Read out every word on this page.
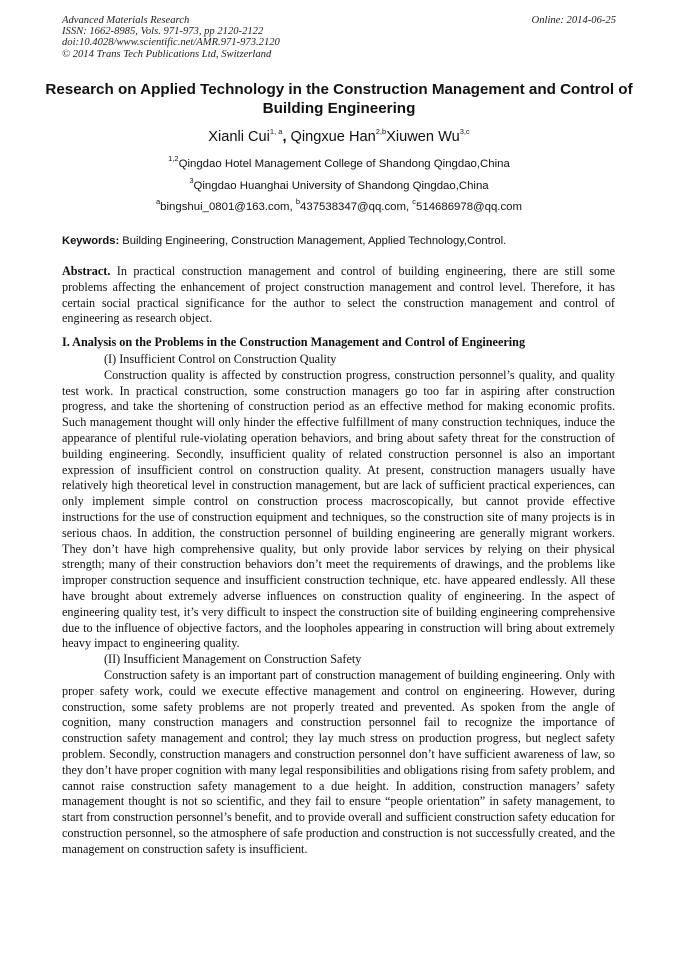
Advanced Materials Research
ISSN: 1662-8985, Vols. 971-973, pp 2120-2122
doi:10.4028/www.scientific.net/AMR.971-973.2120
© 2014 Trans Tech Publications Ltd, Switzerland
Online: 2014-06-25
Research on Applied Technology in the Construction Management and Control of Building Engineering
Xianli Cui$^{1, a}$, Qingxue Han$^{2,b}$Xiuwen Wu$^{3,c}$
$^{1,2}$Qingdao Hotel Management College of Shandong Qingdao,China
$^3$Qingdao Huanghai University of Shandong Qingdao,China
$^a$bingshui_0801@163.com, $^b$437538347@qq.com, $^c$514686978@qq.com
Keywords: Building Engineering, Construction Management, Applied Technology,Control.

Abstract. In practical construction management and control of building engineering, there are still some problems affecting the enhancement of project construction management and control level. Therefore, it has certain social practical significance for the author to select the construction management and control of engineering as research object.

I. Analysis on the Problems in the Construction Management and Control of Engineering

(I) Insufficient Control on Construction Quality

Construction quality is affected by construction progress, construction personnel’s quality, and quality test work. In practical construction, some construction managers go too far in aspiring after construction progress, and take the shortening of construction period as an effective method for making economic profits. Such management thought will only hinder the effective fulfillment of many construction techniques, induce the appearance of plentiful rule-violating operation behaviors, and bring about safety threat for the construction of building engineering. Secondly, insufficient quality of related construction personnel is also an important expression of insufficient control on construction quality. At present, construction managers usually have relatively high theoretical level in construction management, but are lack of sufficient practical experiences, can only implement simple control on construction process macroscopically, but cannot provide effective instructions for the use of construction equipment and techniques, so the construction site of many projects is in serious chaos. In addition, the construction personnel of building engineering are generally migrant workers. They don’t have high comprehensive quality, but only provide labor services by relying on their physical strength; many of their construction behaviors don’t meet the requirements of drawings, and the problems like improper construction sequence and insufficient construction technique, etc. have appeared endlessly. All these have brought about extremely adverse influences on construction quality of engineering. In the aspect of engineering quality test, it’s very difficult to inspect the construction site of building engineering comprehensive due to the influence of objective factors, and the loopholes appearing in construction will bring about extremely heavy impact to engineering quality.

(II) Insufficient Management on Construction Safety

Construction safety is an important part of construction management of building engineering. Only with proper safety work, could we execute effective management and control on engineering. However, during construction, some safety problems are not properly treated and prevented. As spoken from the angle of cognition, many construction managers and construction personnel fail to recognize the importance of construction safety management and control; they lay much stress on production progress, but neglect safety problem. Secondly, construction managers and construction personnel don’t have sufficient awareness of law, so they don’t have proper cognition with many legal responsibilities and obligations rising from safety problem, and cannot raise construction safety management to a due height. In addition, construction managers’ safety management thought is not so scientific, and they fail to ensure “people orientation” in safety management, to start from construction personnel’s benefit, and to provide overall and sufficient construction safety education for construction personnel, so the atmosphere of safe production and construction is not successfully created, and the management on construction safety is insufficient.
